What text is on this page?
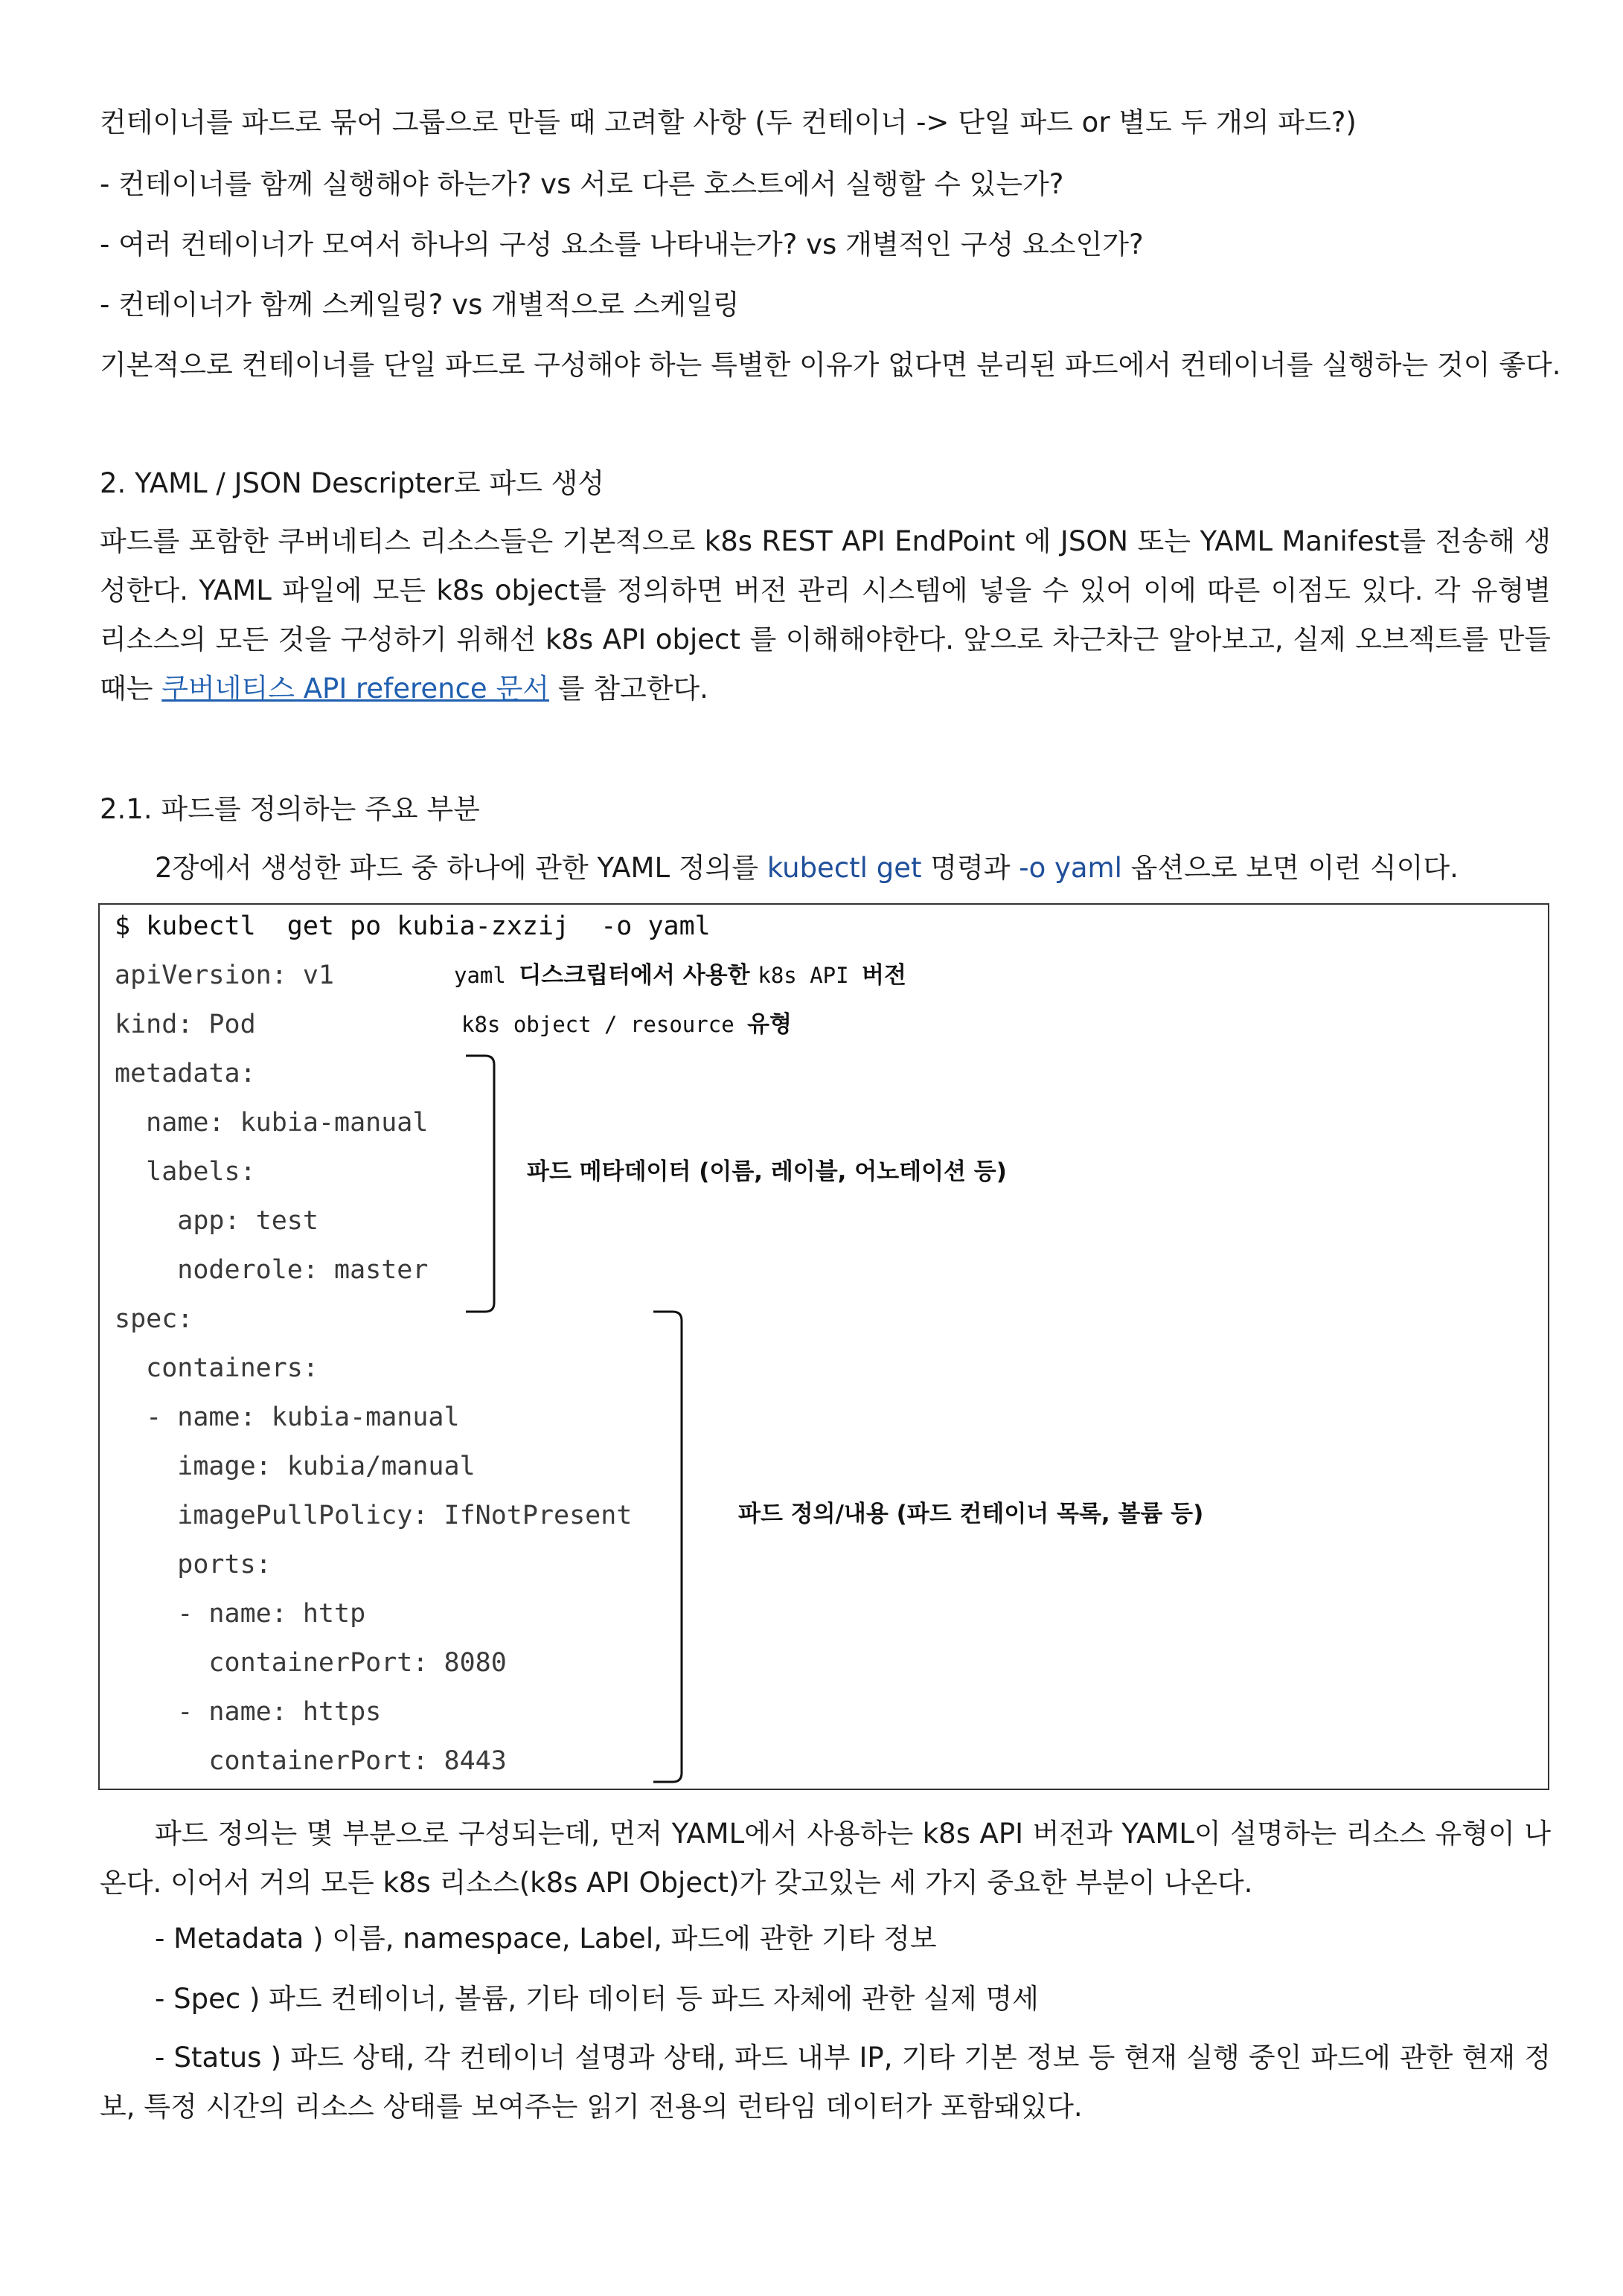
컨테이너를 파드로 묶어 그룹으로 만들 때 고려할 사항 (두 컨테이너 -> 단일 파드 or 별도 두 개의 파드?)
- 컨테이너를 함께 실행해야 하는가? vs 서로 다른 호스트에서 실행할 수 있는가?
- 여러 컨테이너가 모여서 하나의 구성 요소를 나타내는가? vs 개별적인 구성 요소인가?
- 컨테이너가 함께 스케일링? vs 개별적으로 스케일링
기본적으로 컨테이너를 단일 파드로 구성해야 하는 특별한 이유가 없다면 분리된 파드에서 컨테이너를 실행하는 것이 좋다.
2. YAML / JSON Descripter로 파드 생성
파드를 포함한 쿠버네티스 리소스들은 기본적으로 k8s REST API EndPoint 에 JSON 또는 YAML Manifest를 전송해 생성한다. YAML 파일에 모든 k8s object를 정의하면 버전 관리 시스템에 넣을 수 있어 이에 따른 이점도 있다. 각 유형별 리소스의 모든 것을 구성하기 위해선 k8s API object 를 이해해야한다. 앞으로 차근차근 알아보고, 실제 오브젝트를 만들 때는 쿠버네티스 API reference 문서 를 참고한다.
2.1. 파드를 정의하는 주요 부분
2장에서 생성한 파드 중 하나에 관한 YAML 정의를 kubectl get 명령과 -o yaml 옵션으로 보면 이런 식이다.
$ kubectl  get po kubia-zxzij  -o yaml
apiVersion: v1
kind: Pod
metadata:
name: kubia-manual
labels:
app: test
noderole: master
spec:
containers:
- name: kubia-manual
image: kubia/manual
imagePullPolicy: IfNotPresent
ports:
- name: http
containerPort: 8080
- name: https
containerPort: 8443
yaml 디스크립터에서 사용한 k8s API 버전
k8s object / resource 유형
파드 메타데이터 (이름, 레이블, 어노테이션 등)
파드 정의/내용 (파드 컨테이너 목록, 볼륨 등)
파드 정의는 몇 부분으로 구성되는데, 먼저 YAML에서 사용하는 k8s API 버전과 YAML이 설명하는 리소스 유형이 나온다. 이어서 거의 모든 k8s 리소스(k8s API Object)가 갖고있는 세 가지 중요한 부분이 나온다.
- Metadata ) 이름, namespace, Label, 파드에 관한 기타 정보
- Spec ) 파드 컨테이너, 볼륨, 기타 데이터 등 파드 자체에 관한 실제 명세
- Status ) 파드 상태, 각 컨테이너 설명과 상태, 파드 내부 IP, 기타 기본 정보 등 현재 실행 중인 파드에 관한 현재 정보, 특정 시간의 리소스 상태를 보여주는 읽기 전용의 런타임 데이터가 포함돼있다.
